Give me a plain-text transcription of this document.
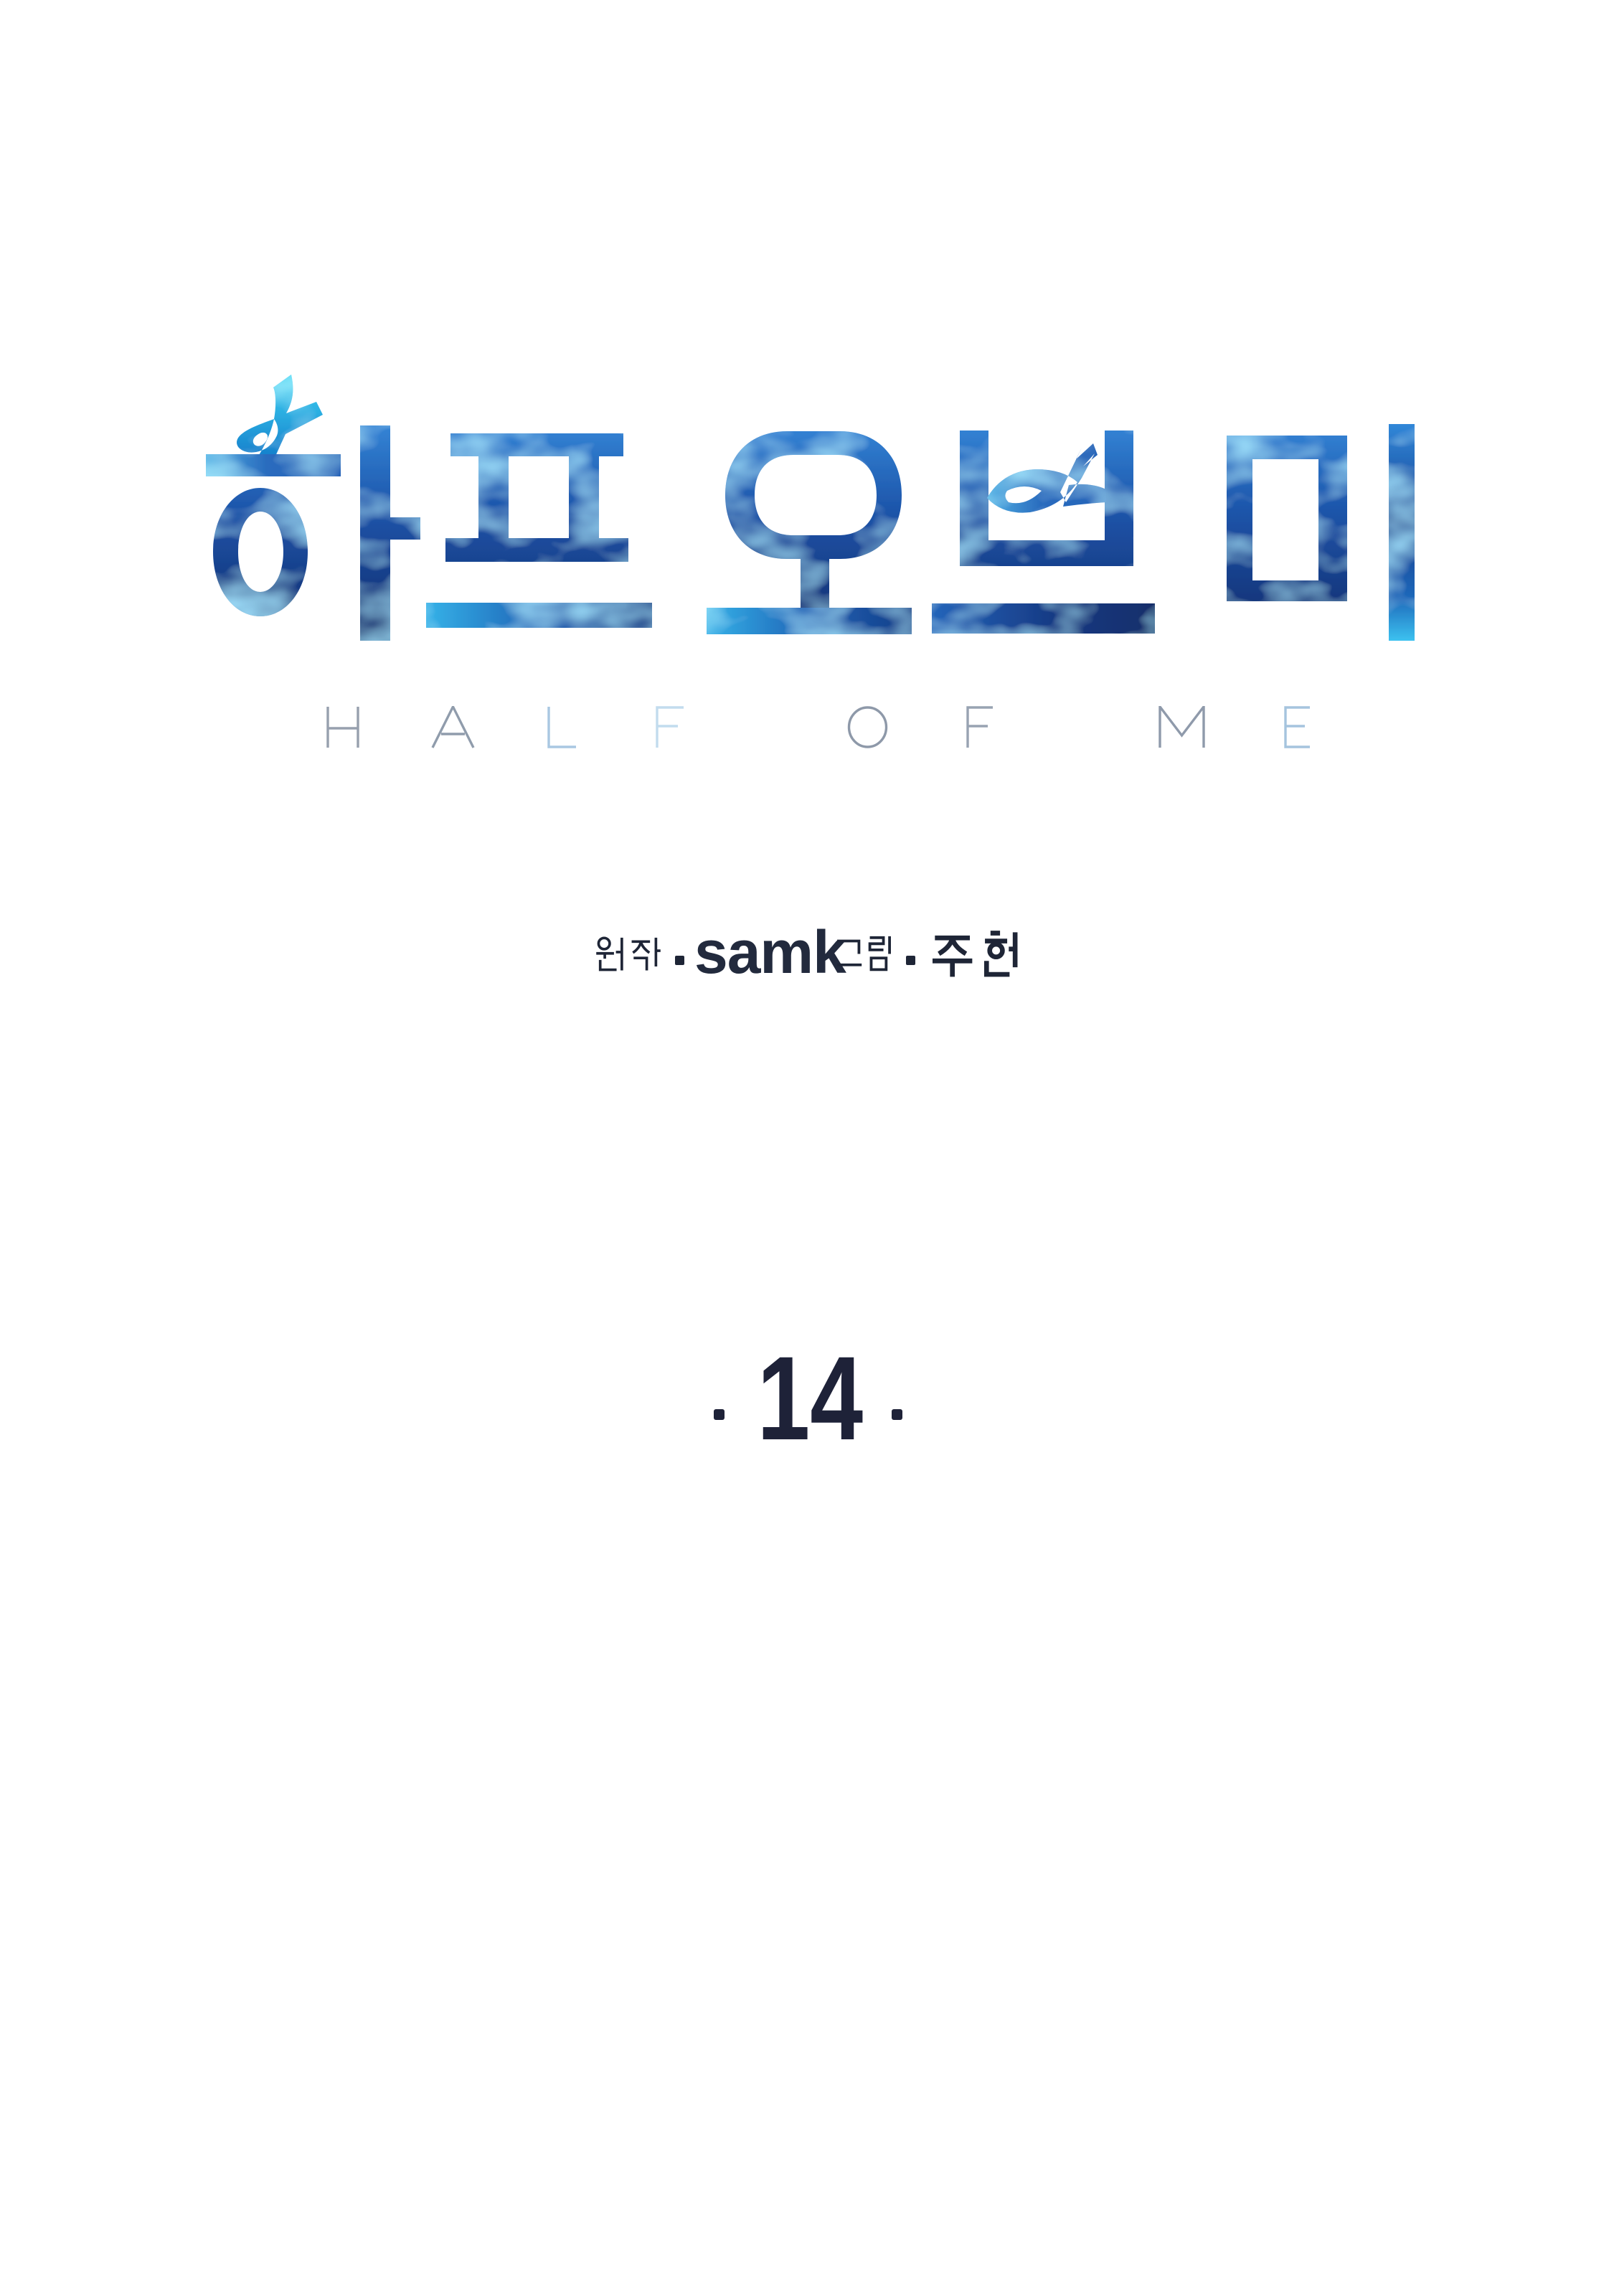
samk
14
